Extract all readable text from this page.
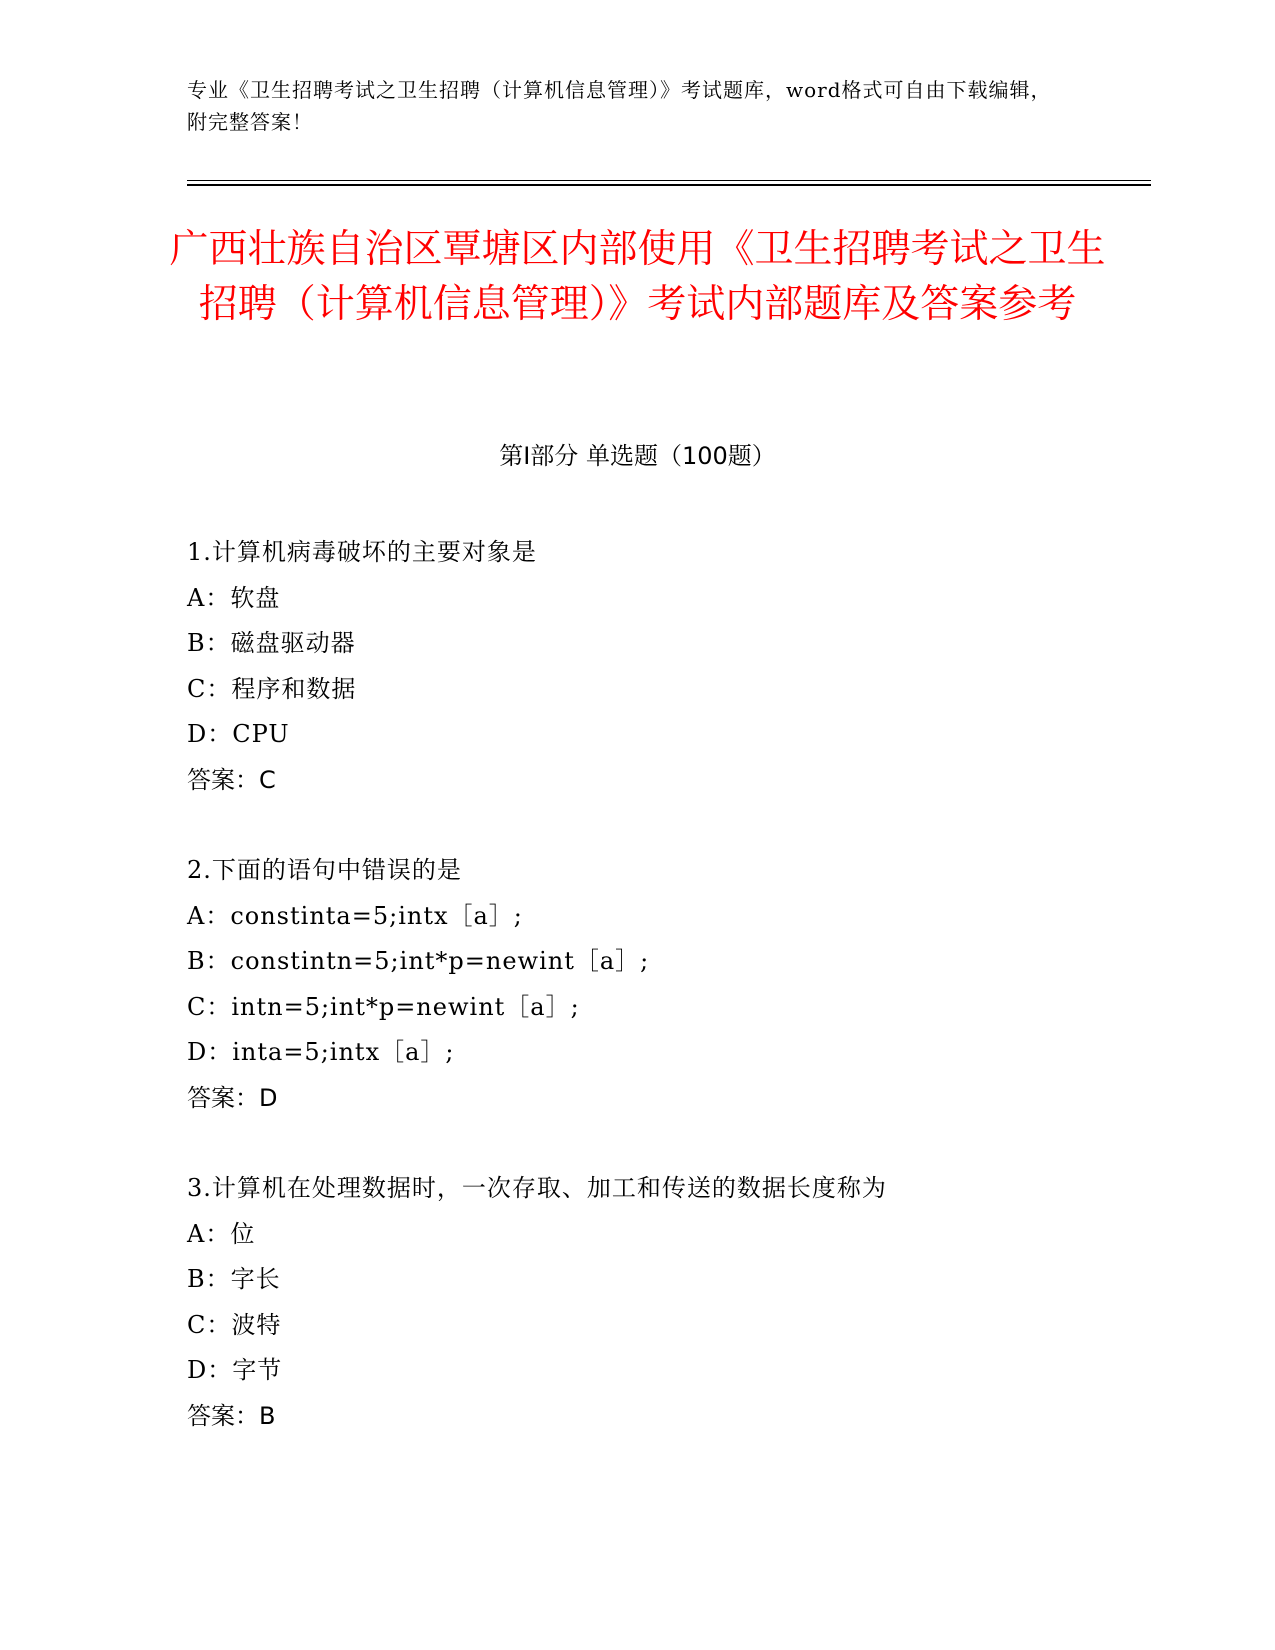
专业《卫生招聘考试之卫生招聘（计算机信息管理）》考试题库，word格式可自由下载编辑，附完整答案！
广西壮族自治区覃塘区内部使用《卫生招聘考试之卫生招聘（计算机信息管理）》考试内部题库及答案参考
第Ⅰ部分 单选题（100题）
1.计算机病毒破坏的主要对象是
A：软盘
B：磁盘驱动器
C：程序和数据
D：CPU
答案：C
2.下面的语句中错误的是
A：constinta=5;intx［a］;
B：constintn=5;int*p=newint［a］;
C：intn=5;int*p=newint［a］;
D：inta=5;intx［a］;
答案：D
3.计算机在处理数据时，一次存取、加工和传送的数据长度称为
A：位
B：字长
C：波特
D：字节
答案：B
